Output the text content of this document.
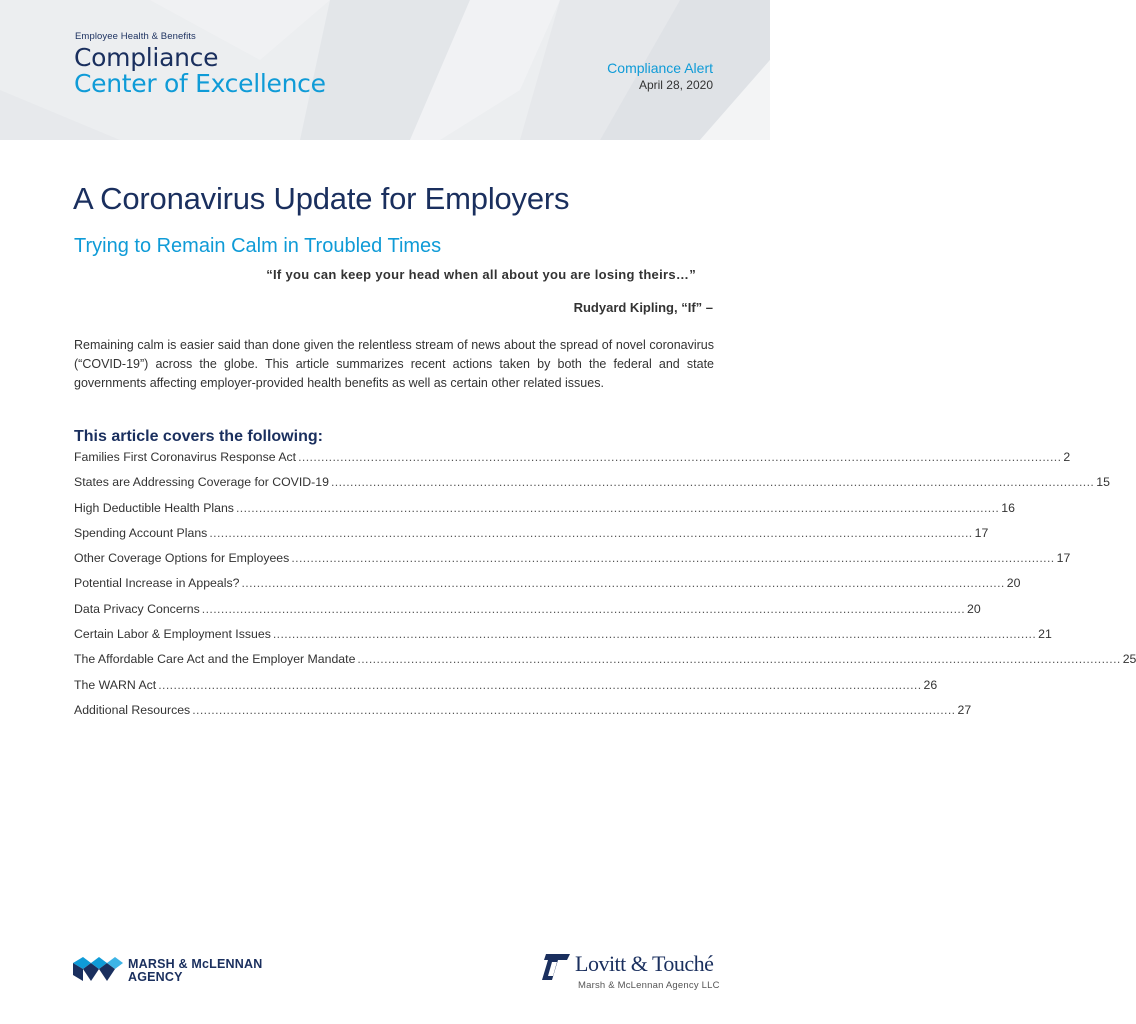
Employee Health & Benefits
Compliance
Center of Excellence
Compliance Alert
April 28, 2020
A Coronavirus Update for Employers
Trying to Remain Calm in Troubled Times
“If you can keep your head when all about you are losing theirs…”
Rudyard Kipling, “If” –

Remaining calm is easier said than done given the relentless stream of news about the spread of novel coronavirus (“COVID-19”) across the globe. This article summarizes recent actions taken by both the federal and state governments affecting employer-provided health benefits as well as certain other related issues.

This article covers the following:
Families First Coronavirus Response Act ........................................................................................................................................................................................................ 2
States are Addressing Coverage for COVID-19 ........................................................................................................................................................................................................ 15
High Deductible Health Plans ........................................................................................................................................................................................................ 16
Spending Account Plans ........................................................................................................................................................................................................ 17
Other Coverage Options for Employees ........................................................................................................................................................................................................ 17
Potential Increase in Appeals? ........................................................................................................................................................................................................ 20
Data Privacy Concerns ........................................................................................................................................................................................................ 20
Certain Labor & Employment Issues ........................................................................................................................................................................................................ 21
The Affordable Care Act and the Employer Mandate ........................................................................................................................................................................................................ 25
The WARN Act ........................................................................................................................................................................................................ 26
Additional Resources ........................................................................................................................................................................................................ 27
MARSH & McLENNAN
AGENCY
Lovitt & Touché
Marsh & McLennan Agency LLC
